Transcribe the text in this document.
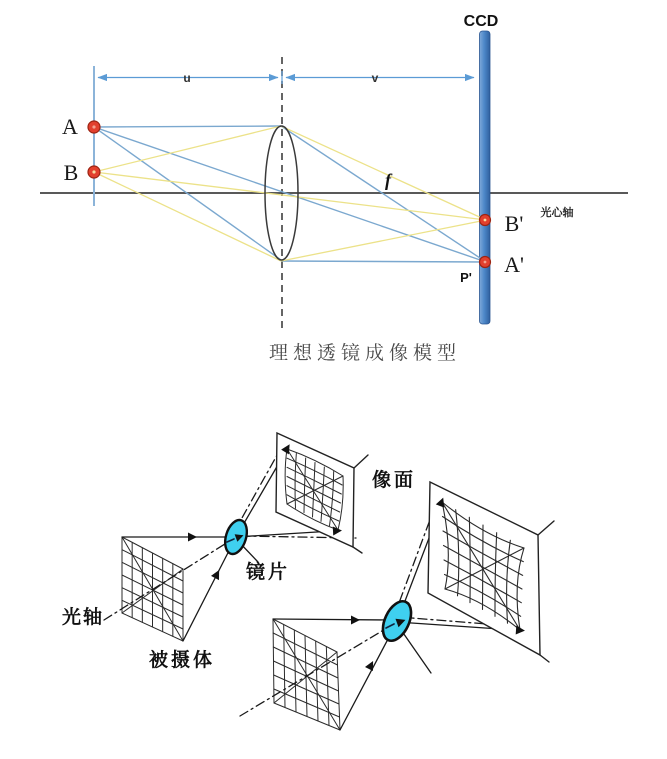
CCD
u	v
A
B
B'
A'
P'
f
光心轴
理想透镜成像模型
光轴
被摄体
镜片
像面
